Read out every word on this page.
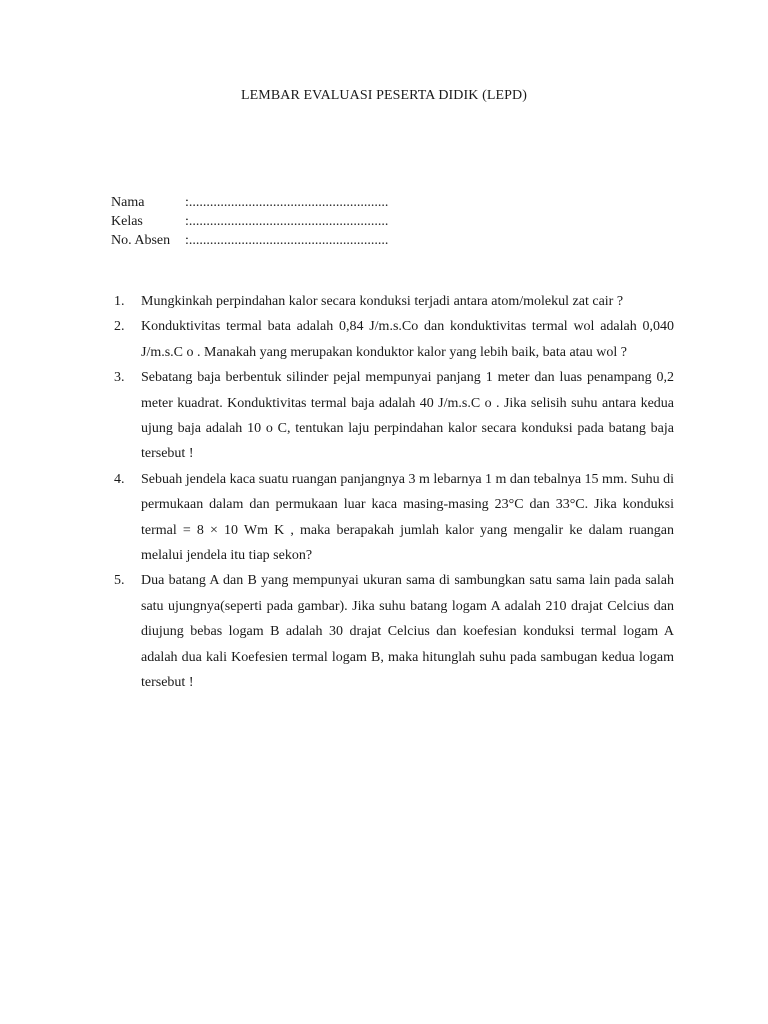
LEMBAR EVALUASI PESERTA DIDIK (LEPD)
Nama	:.........................................................
Kelas	:.........................................................
No. Absen	:.........................................................
1.	Mungkinkah perpindahan kalor secara konduksi terjadi antara atom/molekul zat cair ?
2.	Konduktivitas termal bata adalah 0,84 J/m.s.Co dan konduktivitas termal wol adalah 0,040 J/m.s.C o . Manakah yang merupakan konduktor kalor yang lebih baik, bata atau wol ?
3.	Sebatang baja berbentuk silinder pejal mempunyai panjang 1 meter dan luas penampang 0,2 meter kuadrat. Konduktivitas termal baja adalah 40 J/m.s.C o . Jika selisih suhu antara kedua ujung baja adalah 10 o C, tentukan laju perpindahan kalor secara konduksi pada batang baja tersebut !
4.	Sebuah jendela kaca suatu ruangan panjangnya 3 m lebarnya 1 m dan tebalnya 15 mm. Suhu di permukaan dalam dan permukaan luar kaca masing-masing 23°C dan 33°C. Jika konduksi termal = 8 × 10 Wm K , maka berapakah jumlah kalor yang mengalir ke dalam ruangan melalui jendela itu tiap sekon?
5.	Dua batang A dan B yang mempunyai ukuran sama di sambungkan satu sama lain pada salah satu ujungnya(seperti pada gambar). Jika suhu batang logam A adalah 210 drajat Celcius dan diujung bebas logam B adalah 30 drajat Celcius dan koefesian konduksi termal logam A adalah dua kali Koefesien termal logam B, maka hitunglah suhu pada sambugan kedua logam tersebut !
